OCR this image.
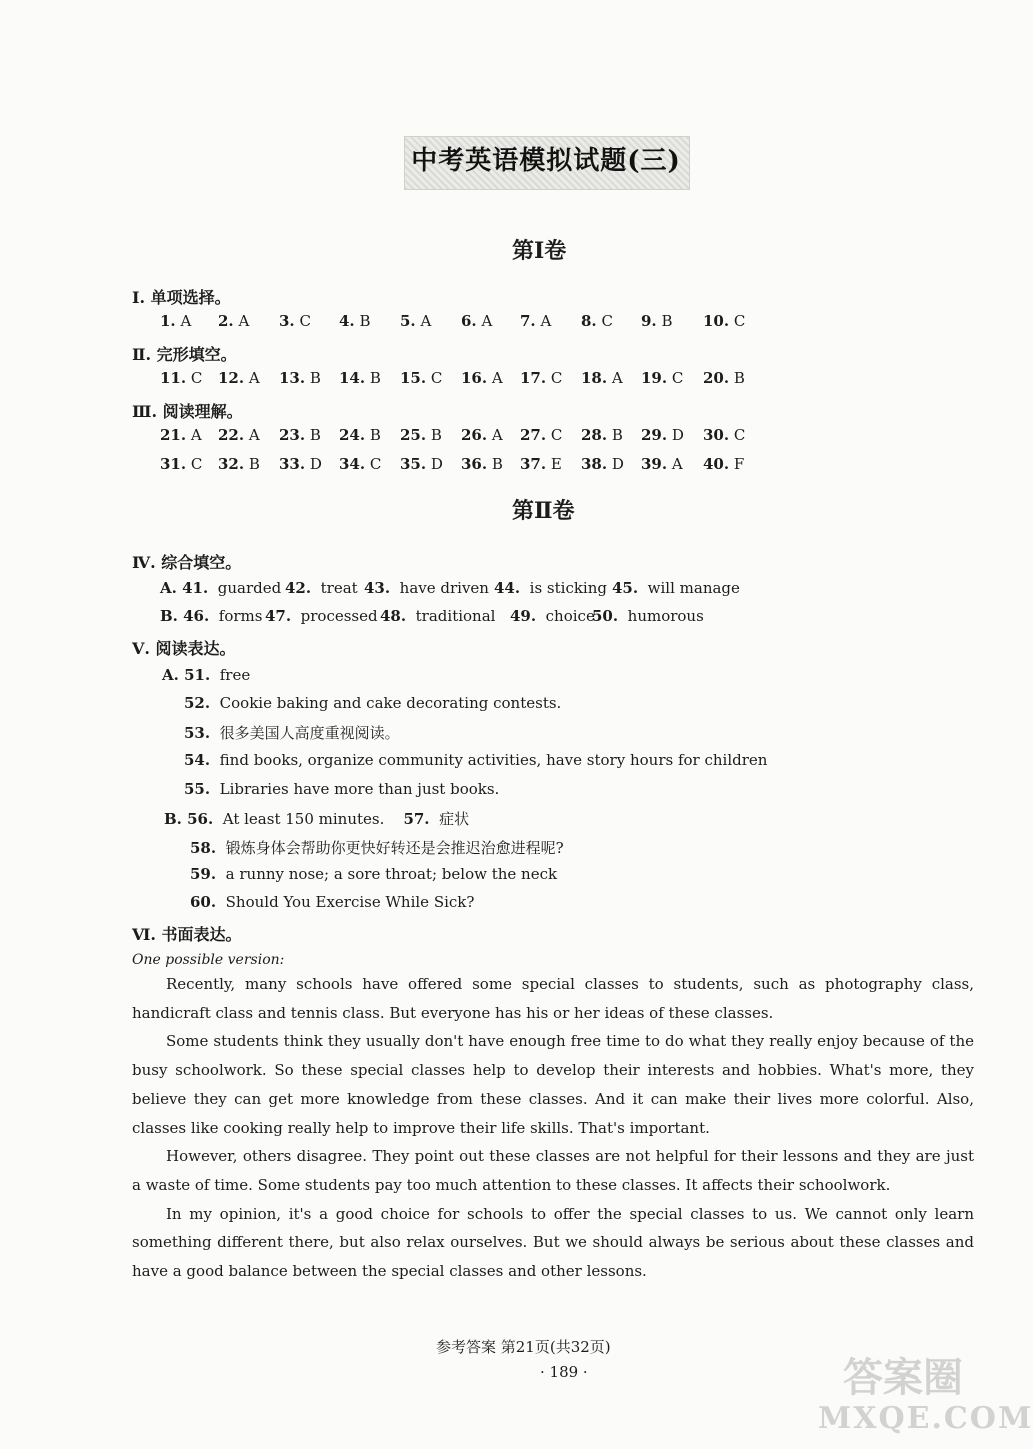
中考英语模拟试题(三)
第Ⅰ卷
Ⅰ. 单项选择。
1. A 2. A 3. C 4. B 5. A 6. A 7. A 8. C 9. B 10. C
Ⅱ. 完形填空。
11. C 12. A 13. B 14. B 15. C 16. A 17. C 18. A 19. C 20. B
Ⅲ. 阅读理解。
21. A 22. A 23. B 24. B 25. B 26. A 27. C 28. B 29. D 30. C
31. C 32. B 33. D 34. C 35. D 36. B 37. E 38. D 39. A 40. F
第Ⅱ卷
Ⅳ. 综合填空。
A. 41. guarded 42. treat 43. have driven 44. is sticking 45. will manage
B. 46. forms 47. processed 48. traditional 49. choice
50. humorous
Ⅴ. 阅读表达。
A. 51. free
52. Cookie baking and cake decorating contests.
53. 很多美国人高度重视阅读。
54. find books, organize community activities, have story hours for children
55. Libraries have more than just books.
B. 56. At least 150 minutes. 57. 症状
58. 锻炼身体会帮助你更快好转还是会推迟治愈进程呢?
59. a runny nose; a sore throat; below the neck
60. Should You Exercise While Sick?
Ⅵ. 书面表达。
One possible version:

Recently, many schools have offered some special classes to students, such as photography class, handicraft class and tennis class. But everyone has his or her ideas of these classes.

Some students think they usually don't have enough free time to do what they really enjoy because of the busy schoolwork. So these special classes help to develop their interests and hobbies. What's more, they believe they can get more knowledge from these classes. And it can make their lives more colorful. Also, classes like cooking really help to improve their life skills. That's important.

However, others disagree. They point out these classes are not helpful for their lessons and they are just a waste of time. Some students pay too much attention to these classes. It affects their schoolwork.

In my opinion, it's a good choice for schools to offer the special classes to us. We cannot only learn something different there, but also relax ourselves. But we should always be serious about these classes and have a good balance between the special classes and other lessons.

参考答案 第21页(共32页)
· 189 ·	答案圈
MXQE.COM
